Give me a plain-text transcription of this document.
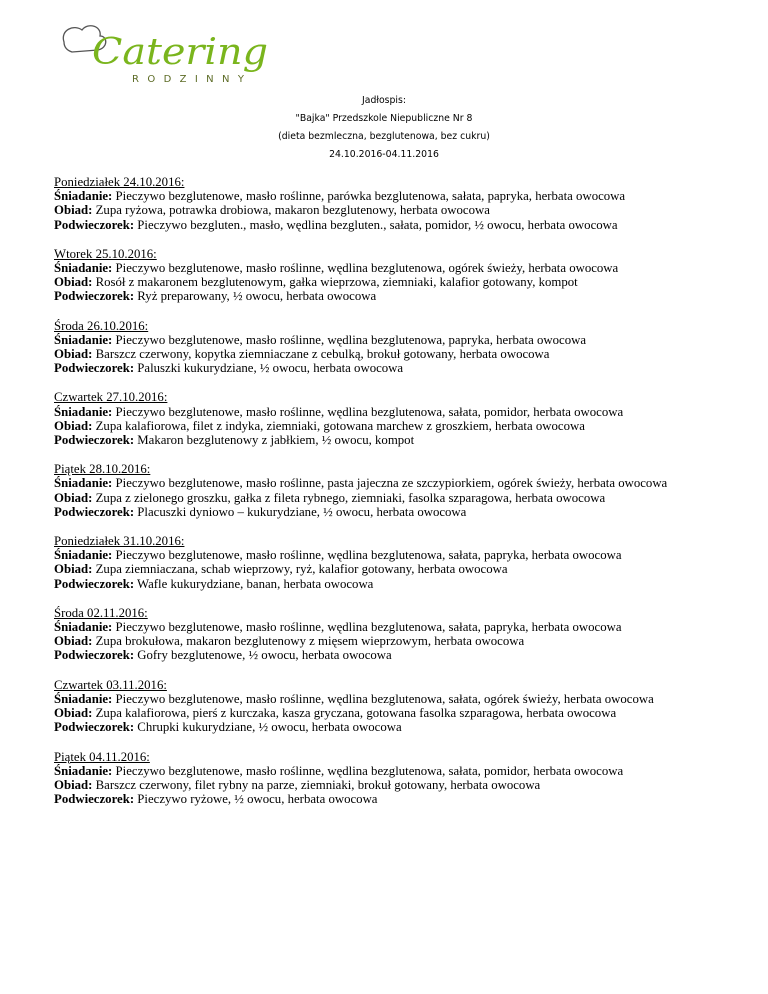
Catering
RODZINNY
Jadłospis:
"Bajka" Przedszkole Niepubliczne Nr 8
(dieta bezmleczna, bezglutenowa, bez cukru)
24.10.2016-04.11.2016
Poniedziałek 24.10.2016:
Śniadanie: Pieczywo bezglutenowe, masło roślinne, parówka bezglutenowa, sałata, papryka, herbata owocowa
Obiad: Zupa ryżowa, potrawka drobiowa, makaron bezglutenowy, herbata owocowa
Podwieczorek: Pieczywo bezgluten., masło, wędlina bezgluten., sałata, pomidor, ½ owocu, herbata owocowa
Wtorek 25.10.2016:
Śniadanie: Pieczywo bezglutenowe, masło roślinne, wędlina bezglutenowa, ogórek świeży, herbata owocowa
Obiad: Rosół z makaronem bezglutenowym, gałka wieprzowa, ziemniaki, kalafior gotowany, kompot
Podwieczorek: Ryż preparowany, ½ owocu, herbata owocowa
Środa 26.10.2016:
Śniadanie: Pieczywo bezglutenowe, masło roślinne, wędlina bezglutenowa, papryka, herbata owocowa
Obiad: Barszcz czerwony, kopytka ziemniaczane z cebulką, brokuł gotowany, herbata owocowa
Podwieczorek: Paluszki kukurydziane, ½ owocu, herbata owocowa
Czwartek 27.10.2016:
Śniadanie: Pieczywo bezglutenowe, masło roślinne, wędlina bezglutenowa, sałata, pomidor, herbata owocowa
Obiad: Zupa kalafiorowa, filet z indyka, ziemniaki, gotowana marchew z groszkiem, herbata owocowa
Podwieczorek: Makaron bezglutenowy z jabłkiem, ½ owocu, kompot
Piątek 28.10.2016:
Śniadanie: Pieczywo bezglutenowe, masło roślinne, pasta jajeczna ze szczypiorkiem, ogórek świeży, herbata owocowa
Obiad: Zupa z zielonego groszku, gałka z fileta rybnego, ziemniaki, fasolka szparagowa, herbata owocowa
Podwieczorek: Placuszki dyniowo – kukurydziane, ½ owocu, herbata owocowa
Poniedziałek 31.10.2016:
Śniadanie: Pieczywo bezglutenowe, masło roślinne, wędlina bezglutenowa, sałata, papryka, herbata owocowa
Obiad: Zupa ziemniaczana, schab wieprzowy, ryż, kalafior gotowany, herbata owocowa
Podwieczorek: Wafle kukurydziane, banan, herbata owocowa
Środa 02.11.2016:
Śniadanie: Pieczywo bezglutenowe, masło roślinne, wędlina bezglutenowa, sałata, papryka, herbata owocowa
Obiad: Zupa brokułowa, makaron bezglutenowy z mięsem wieprzowym, herbata owocowa
Podwieczorek: Gofry bezglutenowe, ½ owocu, herbata owocowa
Czwartek 03.11.2016:
Śniadanie: Pieczywo bezglutenowe, masło roślinne, wędlina bezglutenowa, sałata, ogórek świeży, herbata owocowa
Obiad: Zupa kalafiorowa, pierś z kurczaka, kasza gryczana, gotowana fasolka szparagowa, herbata owocowa
Podwieczorek: Chrupki kukurydziane, ½ owocu, herbata owocowa
Piątek 04.11.2016:
Śniadanie: Pieczywo bezglutenowe, masło roślinne, wędlina bezglutenowa, sałata, pomidor, herbata owocowa
Obiad: Barszcz czerwony, filet rybny na parze, ziemniaki, brokuł gotowany, herbata owocowa
Podwieczorek: Pieczywo ryżowe, ½ owocu, herbata owocowa
